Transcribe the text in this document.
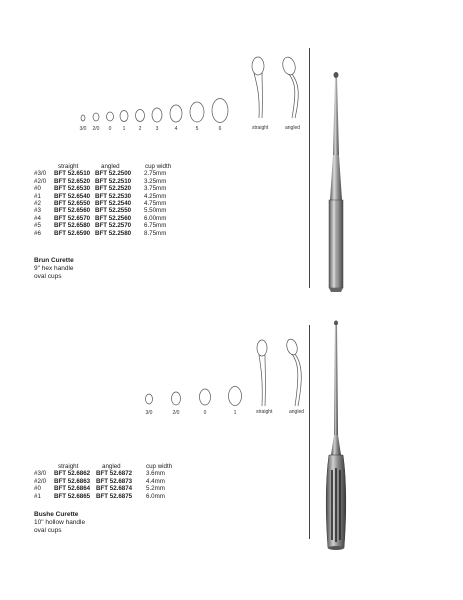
3/0	2/0	0	1	2	3	4	5	6	straight	angled
straight	angled	cup width
#3/0 BFT 52.6510 BFT 52.2500 2.75mm
#2/0 BFT 52.6520 BFT 52.2510 3.25mm
#0 BFT 52.6530 BFT 52.2520 3.75mm
#1 BFT 52.6540 BFT 52.2530 4.25mm
#2 BFT 52.6550 BFT 52.2540 4.75mm
#3 BFT 52.6560 BFT 52.2550 5.50mm
#4 BFT 52.6570 BFT 52.2560 6.00mm
#5 BFT 52.6580 BFT 52.2570 6.75mm
#6 BFT 52.6590 BFT 52.2580 8.75mm
Brun Curette
9" hex handle
oval cups
3/0	2/0	0	1	straight	angled
straight	angled	cup width
#3/0 BFT 52.6862 BFT 52.6872 3.6mm
#2/0 BFT 52.6863 BFT 52.6873 4.4mm
#0 BFT 52.6864 BFT 52.6874 5.2mm
#1 BFT 52.6865 BFT 52.6875 6.0mm
Bushe Curette
10" hollow handle
oval cups
